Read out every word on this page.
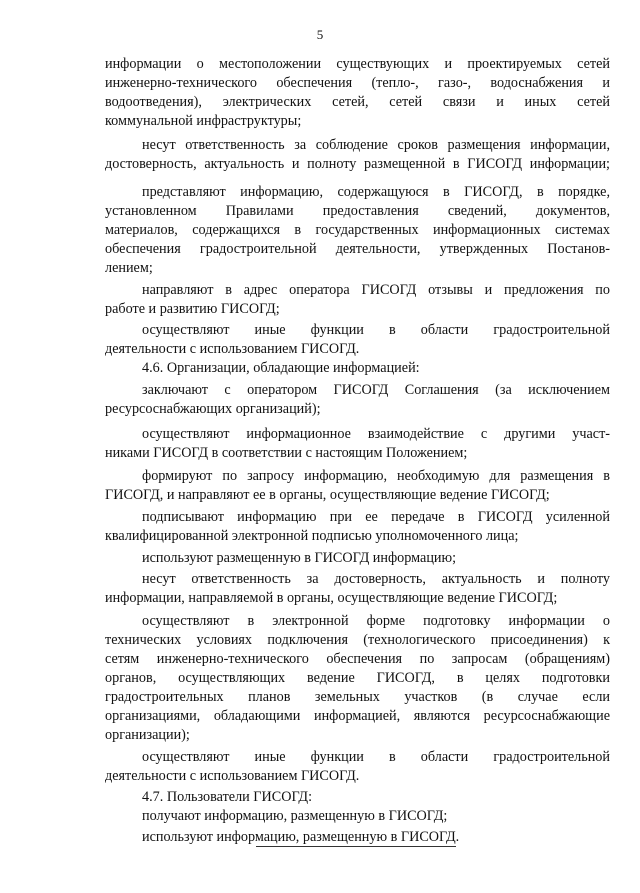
5
информации о местоположении существующих и проектируемых сетей
инженерно-технического обеспечения (тепло-, газо-, водоснабжения и
водоотведения), электрических сетей, сетей связи и иных сетей
коммунальной инфраструктуры;
несут ответственность за соблюдение сроков размещения информации,
достоверность, актуальность и полноту размещенной в ГИСОГД информации;
представляют информацию, содержащуюся в ГИСОГД, в порядке,
установленном Правилами предоставления сведений, документов,
материалов, содержащихся в государственных информационных системах
обеспечения градостроительной деятельности, утвержденных Постанов-
лением;
направляют в адрес оператора ГИСОГД отзывы и предложения по
работе и развитию ГИСОГД;
осуществляют иные функции в области градостроительной
деятельности с использованием ГИСОГД.
4.6. Организации, обладающие информацией:
заключают с оператором ГИСОГД Соглашения (за исключением
ресурсоснабжающих организаций);
осуществляют информационное взаимодействие с другими участ-
никами ГИСОГД в соответствии с настоящим Положением;
формируют по запросу информацию, необходимую для размещения в
ГИСОГД, и направляют ее в органы, осуществляющие ведение ГИСОГД;
подписывают информацию при ее передаче в ГИСОГД усиленной
квалифицированной электронной подписью уполномоченного лица;
используют размещенную в ГИСОГД информацию;
несут ответственность за достоверность, актуальность и полноту
информации, направляемой в органы, осуществляющие ведение ГИСОГД;
осуществляют в электронной форме подготовку информации о
технических условиях подключения (технологического присоединения) к
сетям инженерно-технического обеспечения по запросам (обращениям)
органов, осуществляющих ведение ГИСОГД, в целях подготовки
градостроительных планов земельных участков (в случае если
организациями, обладающими информацией, являются ресурсоснабжающие
организации);
осуществляют иные функции в области градостроительной
деятельности с использованием ГИСОГД.
4.7. Пользователи ГИСОГД:
получают информацию, размещенную в ГИСОГД;
используют информацию, размещенную в ГИСОГД.
